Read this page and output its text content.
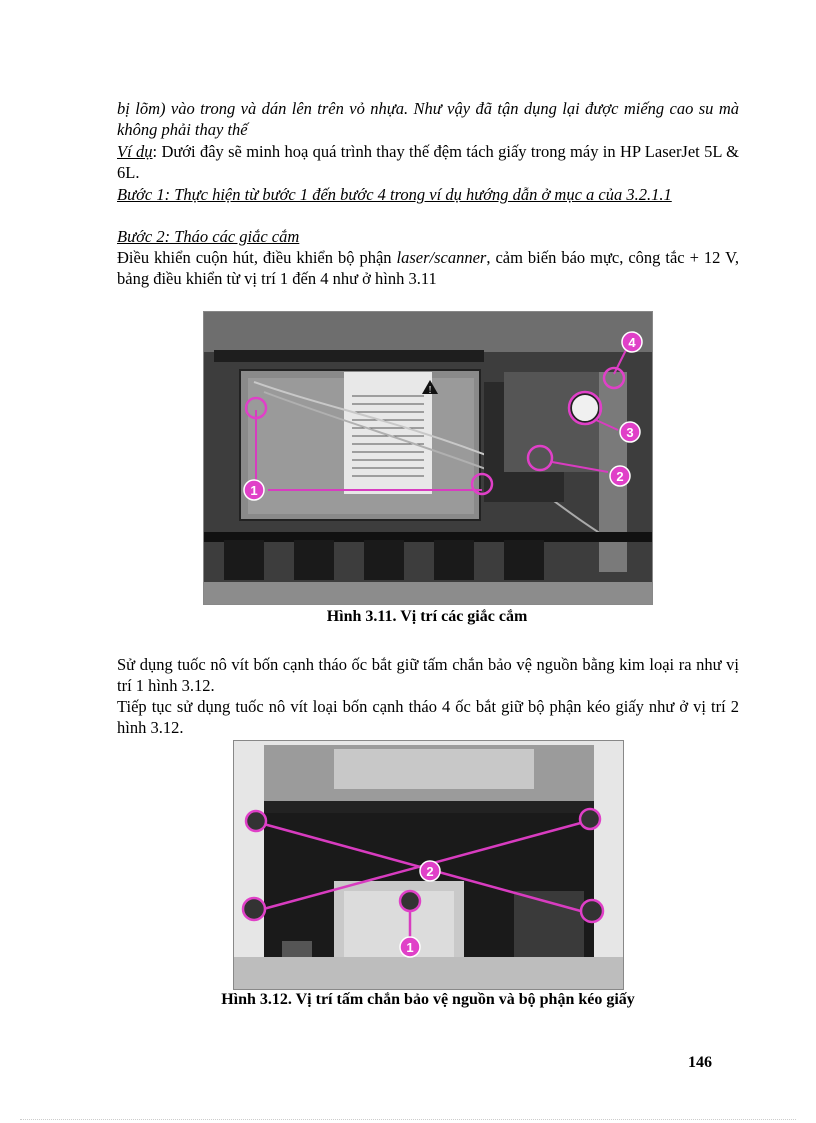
bị lõm) vào trong và dán lên trên vỏ nhựa. Như vậy đã tận dụng lại được miếng cao su mà không phải thay thế
Ví dụ: Dưới đây sẽ minh hoạ quá trình thay thế đệm tách giấy trong máy in HP LaserJet 5L & 6L.
Bước 1: Thực hiện từ bước 1 đến bước 4 trong ví dụ hướng dẫn ở mục a của 3.2.1.1
Bước 2: Tháo các giắc cắm
Điều khiển cuộn hút, điều khiển bộ phận laser/scanner, cảm biến báo mực, công tắc + 12 V, bảng điều khiển từ vị trí 1 đến 4 như ở hình 3.11
!
1
2
3
4
Hình 3.11. Vị trí các giắc cắm
Sử dụng tuốc nô vít bốn cạnh tháo ốc bắt giữ tấm chắn bảo vệ nguồn bằng kim loại ra như vị trí 1 hình 3.12.
Tiếp tục sử dụng tuốc nô vít loại bốn cạnh tháo 4 ốc bắt giữ bộ phận kéo giấy như ở vị trí 2 hình 3.12.
2
1
Hình 3.12. Vị trí tấm chắn bảo vệ nguồn và bộ phận kéo giấy
146
